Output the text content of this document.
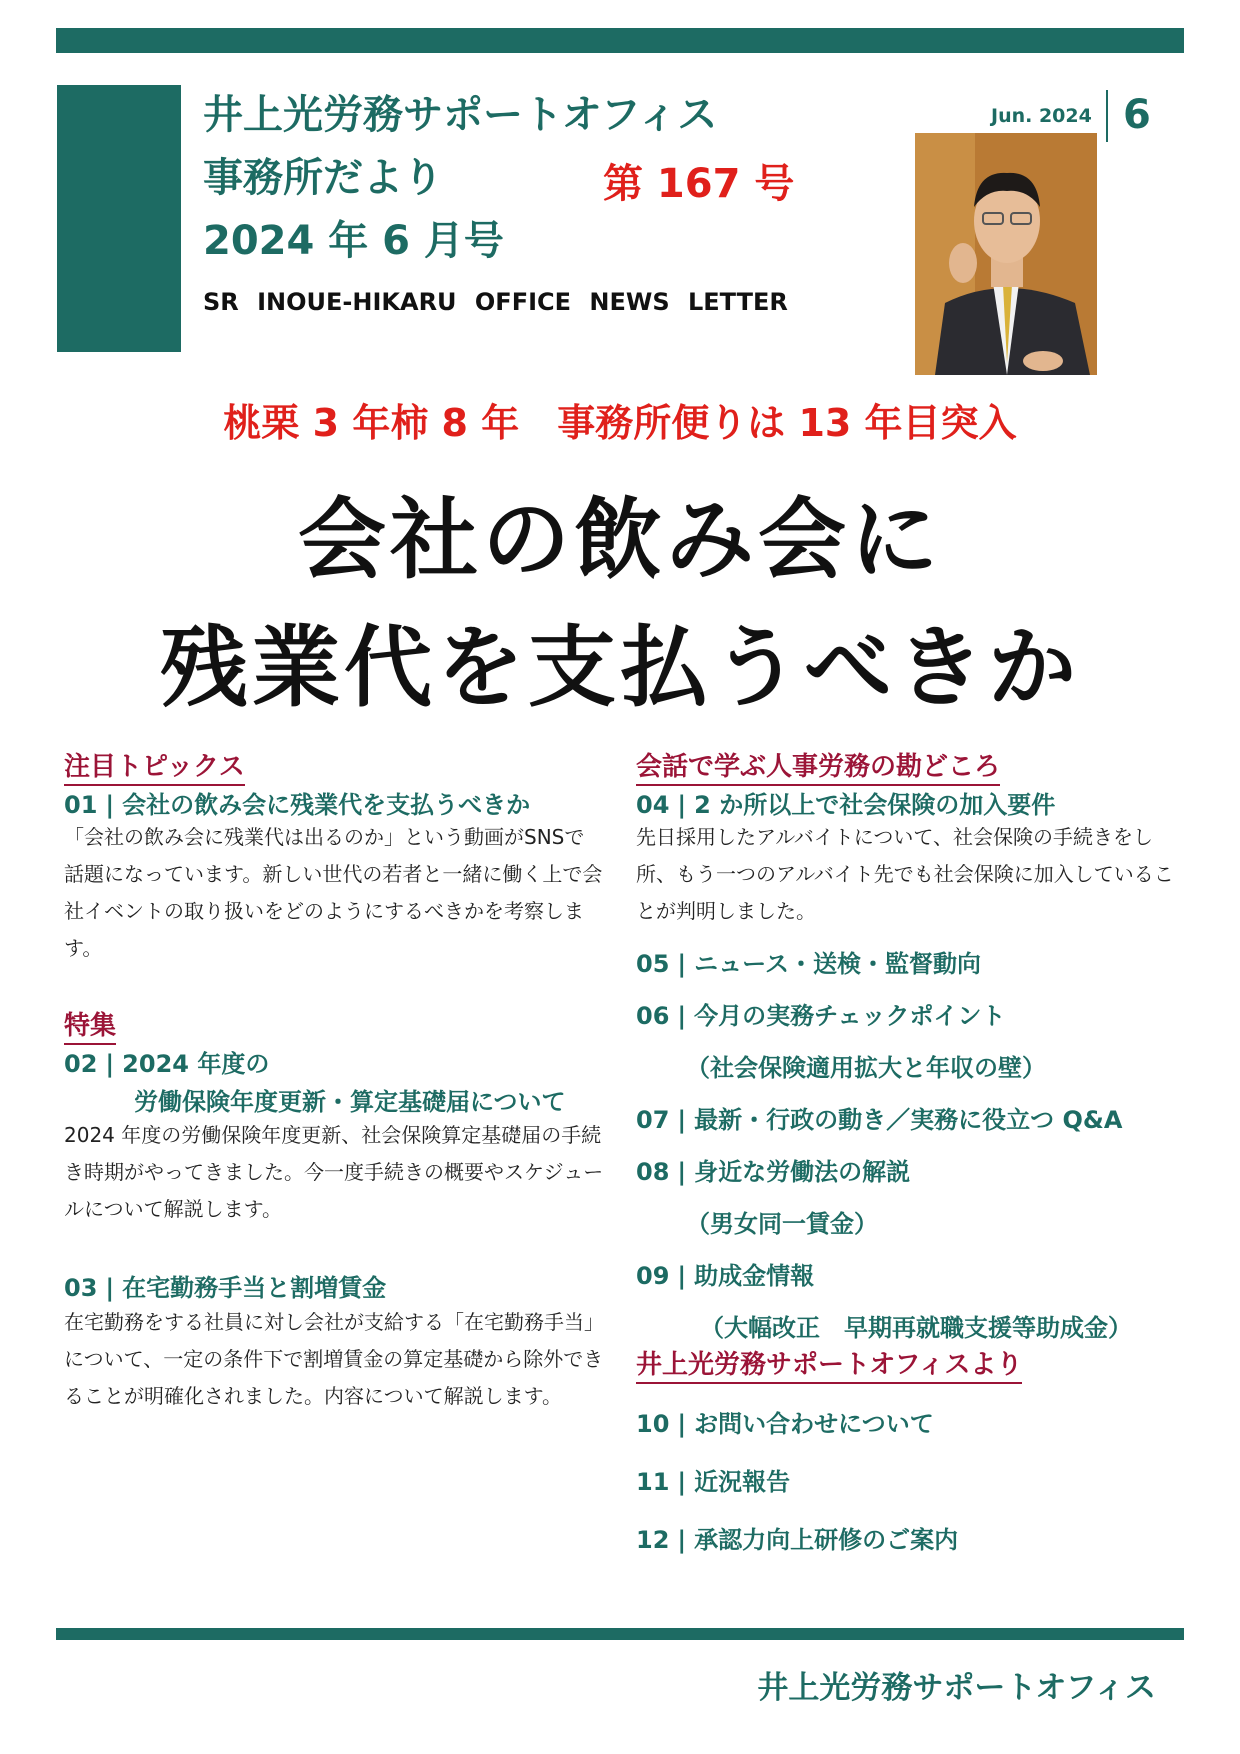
井上光労務サポートオフィス
事務所だより	第 167 号
2024 年 6 月号
SR INOUE-HIKARU OFFICE NEWS LETTER
Jun. 2024 6
桃栗 3 年柿 8 年　事務所便りは 13 年目突入
会社の飲み会に
残業代を支払うべきか
注目トピックス
01 | 会社の飲み会に残業代を支払うべきか
「会社の飲み会に残業代は出るのか」という動画がSNSで話題になっています。新しい世代の若者と一緒に働く上で会社イベントの取り扱いをどのようにするべきかを考察します。
特集
02 | 2024 年度の
労働保険年度更新・算定基礎届について
2024 年度の労働保険年度更新、社会保険算定基礎届の手続き時期がやってきました。今一度手続きの概要やスケジュールについて解説します。
03 | 在宅勤務手当と割増賃金
在宅勤務をする社員に対し会社が支給する「在宅勤務手当」について、一定の条件下で割増賃金の算定基礎から除外できることが明確化されました。内容について解説します。
会話で学ぶ人事労務の勘どころ
04 | 2 か所以上で社会保険の加入要件
先日採用したアルバイトについて、社会保険の手続きをし所、もう一つのアルバイト先でも社会保険に加入していることが判明しました。
05 | ニュース・送検・監督動向
06 | 今月の実務チェックポイント
（社会保険適用拡大と年収の壁）
07 | 最新・行政の動き／実務に役立つ Q&A
08 | 身近な労働法の解説
（男女同一賃金）
09 | 助成金情報
（大幅改正　早期再就職支援等助成金）
井上光労務サポートオフィスより
10 | お問い合わせについて
11 | 近況報告
12 | 承認力向上研修のご案内
井上光労務サポートオフィス
